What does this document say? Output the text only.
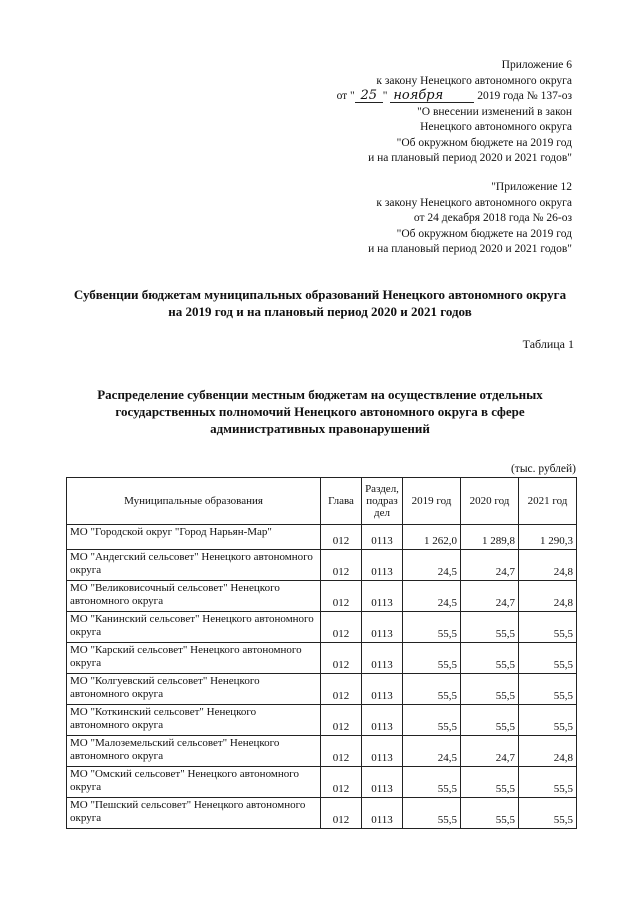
Приложение 6
к закону Ненецкого автономного округа
от " 25 " ноября	2019 года № 137-оз
"О внесении изменений в закон
Ненецкого автономного округа
"Об окружном бюджете на 2019 год
и на плановый период 2020 и 2021 годов"
"Приложение 12
к закону Ненецкого автономного округа
от 24 декабря 2018 года № 26-оз
"Об окружном бюджете на 2019 год
и на плановый период 2020 и 2021 годов"
Субвенции бюджетам муниципальных образований Ненецкого автономного округа на 2019 год и на плановый период 2020 и 2021 годов
Таблица 1
Распределение субвенции местным бюджетам на осуществление отдельных государственных полномочий Ненецкого автономного округа в сфере административных правонарушений
(тыс. рублей)
Муниципальные образования	Глава	Раздел, подраз дел	2019 год	2020 год	2021 год
МО "Городской округ "Город Нарьян-Мар"	012	0113	1 262,0	1 289,8	1 290,3
МО "Андегский сельсовет" Ненецкого автономного округа	012	0113	24,5	24,7	24,8
МО "Великовисочный сельсовет" Ненецкого автономного округа	012	0113	24,5	24,7	24,8
МО "Канинский сельсовет" Ненецкого автономного округа	012	0113	55,5	55,5	55,5
МО "Карский сельсовет" Ненецкого автономного округа	012	0113	55,5	55,5	55,5
МО "Колгуевский сельсовет" Ненецкого автономного округа	012	0113	55,5	55,5	55,5
МО "Коткинский сельсовет" Ненецкого автономного округа	012	0113	55,5	55,5	55,5
МО "Малоземельский сельсовет" Ненецкого автономного округа	012	0113	24,5	24,7	24,8
МО "Омский сельсовет" Ненецкого автономного округа	012	0113	55,5	55,5	55,5
МО "Пешский сельсовет" Ненецкого автономного округа	012	0113	55,5	55,5	55,5
